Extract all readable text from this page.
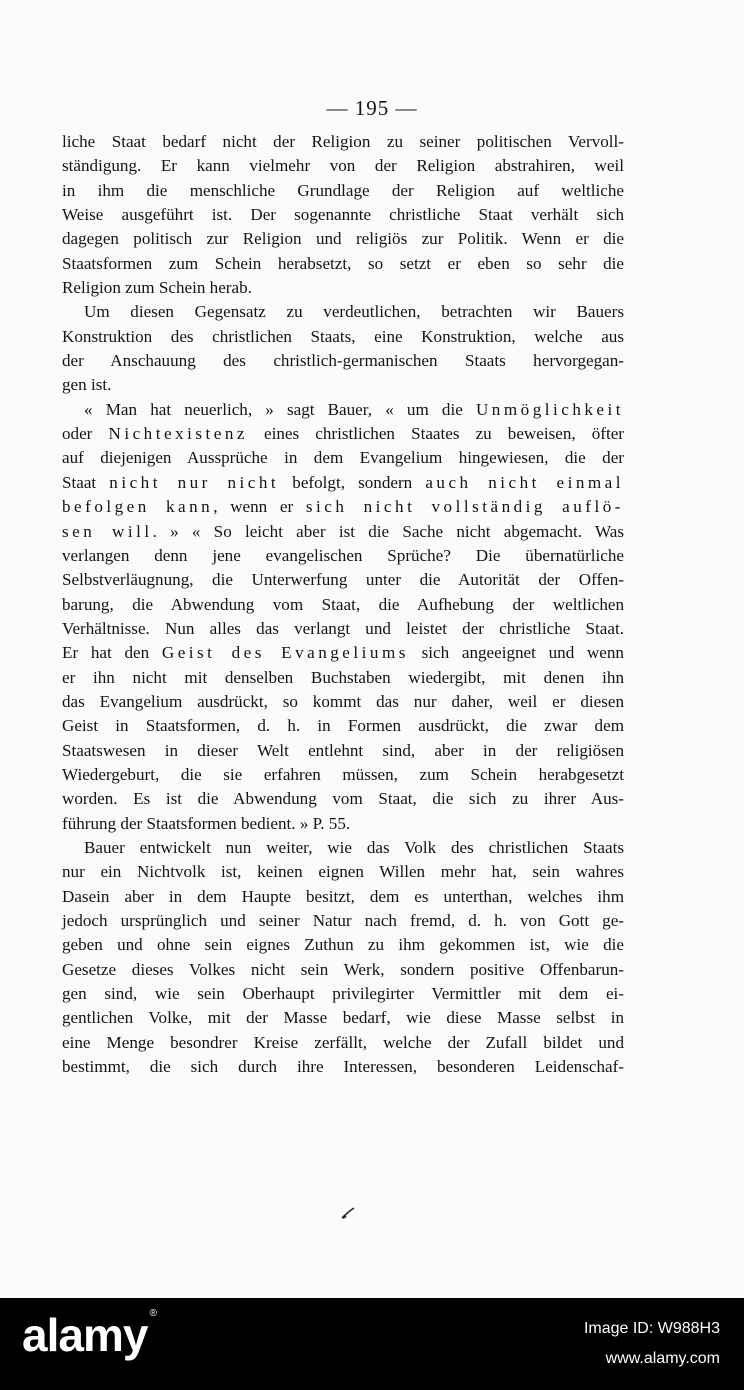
— 195 —
liche Staat bedarf nicht der Religion zu seiner politischen Vervoll-
ständigung. Er kann vielmehr von der Religion abstrahiren, weil
in ihm die menschliche Grundlage der Religion auf weltliche
Weise ausgeführt ist. Der sogenannte christliche Staat verhält sich
dagegen politisch zur Religion und religiös zur Politik. Wenn er die
Staatsformen zum Schein herabsetzt, so setzt er eben so sehr die
Religion zum Schein herab.
Um diesen Gegensatz zu verdeutlichen, betrachten wir Bauers
Konstruktion des christlichen Staats, eine Konstruktion, welche aus
der Anschauung des christlich-germanischen Staats hervorgegan-
gen ist.
« Man hat neuerlich, » sagt Bauer, « um die Unmöglichkeit
oder Nichtexistenz eines christlichen Staates zu beweisen, öfter
auf diejenigen Aussprüche in dem Evangelium hingewiesen, die der
Staat nicht nur nicht befolgt, sondern auch nicht einmal
befolgen kann, wenn er sich nicht vollständig auflö-
sen will. » « So leicht aber ist die Sache nicht abgemacht. Was
verlangen denn jene evangelischen Sprüche? Die übernatürliche
Selbstverläugnung, die Unterwerfung unter die Autorität der Offen-
barung, die Abwendung vom Staat, die Aufhebung der weltlichen
Verhältnisse. Nun alles das verlangt und leistet der christliche Staat.
Er hat den Geist des Evangeliums sich angeeignet und wenn
er ihn nicht mit denselben Buchstaben wiedergibt, mit denen ihn
das Evangelium ausdrückt, so kommt das nur daher, weil er diesen
Geist in Staatsformen, d. h. in Formen ausdrückt, die zwar dem
Staatswesen in dieser Welt entlehnt sind, aber in der religiösen
Wiedergeburt, die sie erfahren müssen, zum Schein herabgesetzt
worden. Es ist die Abwendung vom Staat, die sich zu ihrer Aus-
führung der Staatsformen bedient. » P. 55.
Bauer entwickelt nun weiter, wie das Volk des christlichen Staats
nur ein Nichtvolk ist, keinen eignen Willen mehr hat, sein wahres
Dasein aber in dem Haupte besitzt, dem es unterthan, welches ihm
jedoch ursprünglich und seiner Natur nach fremd, d. h. von Gott ge-
geben und ohne sein eignes Zuthun zu ihm gekommen ist, wie die
Gesetze dieses Volkes nicht sein Werk, sondern positive Offenbarun-
gen sind, wie sein Oberhaupt privilegirter Vermittler mit dem ei-
gentlichen Volke, mit der Masse bedarf, wie diese Masse selbst in
eine Menge besondrer Kreise zerfällt, welche der Zufall bildet und
bestimmt, die sich durch ihre Interessen, besonderen Leidenschaf-
alamy ®
Image ID: W988H3
www.alamy.com
